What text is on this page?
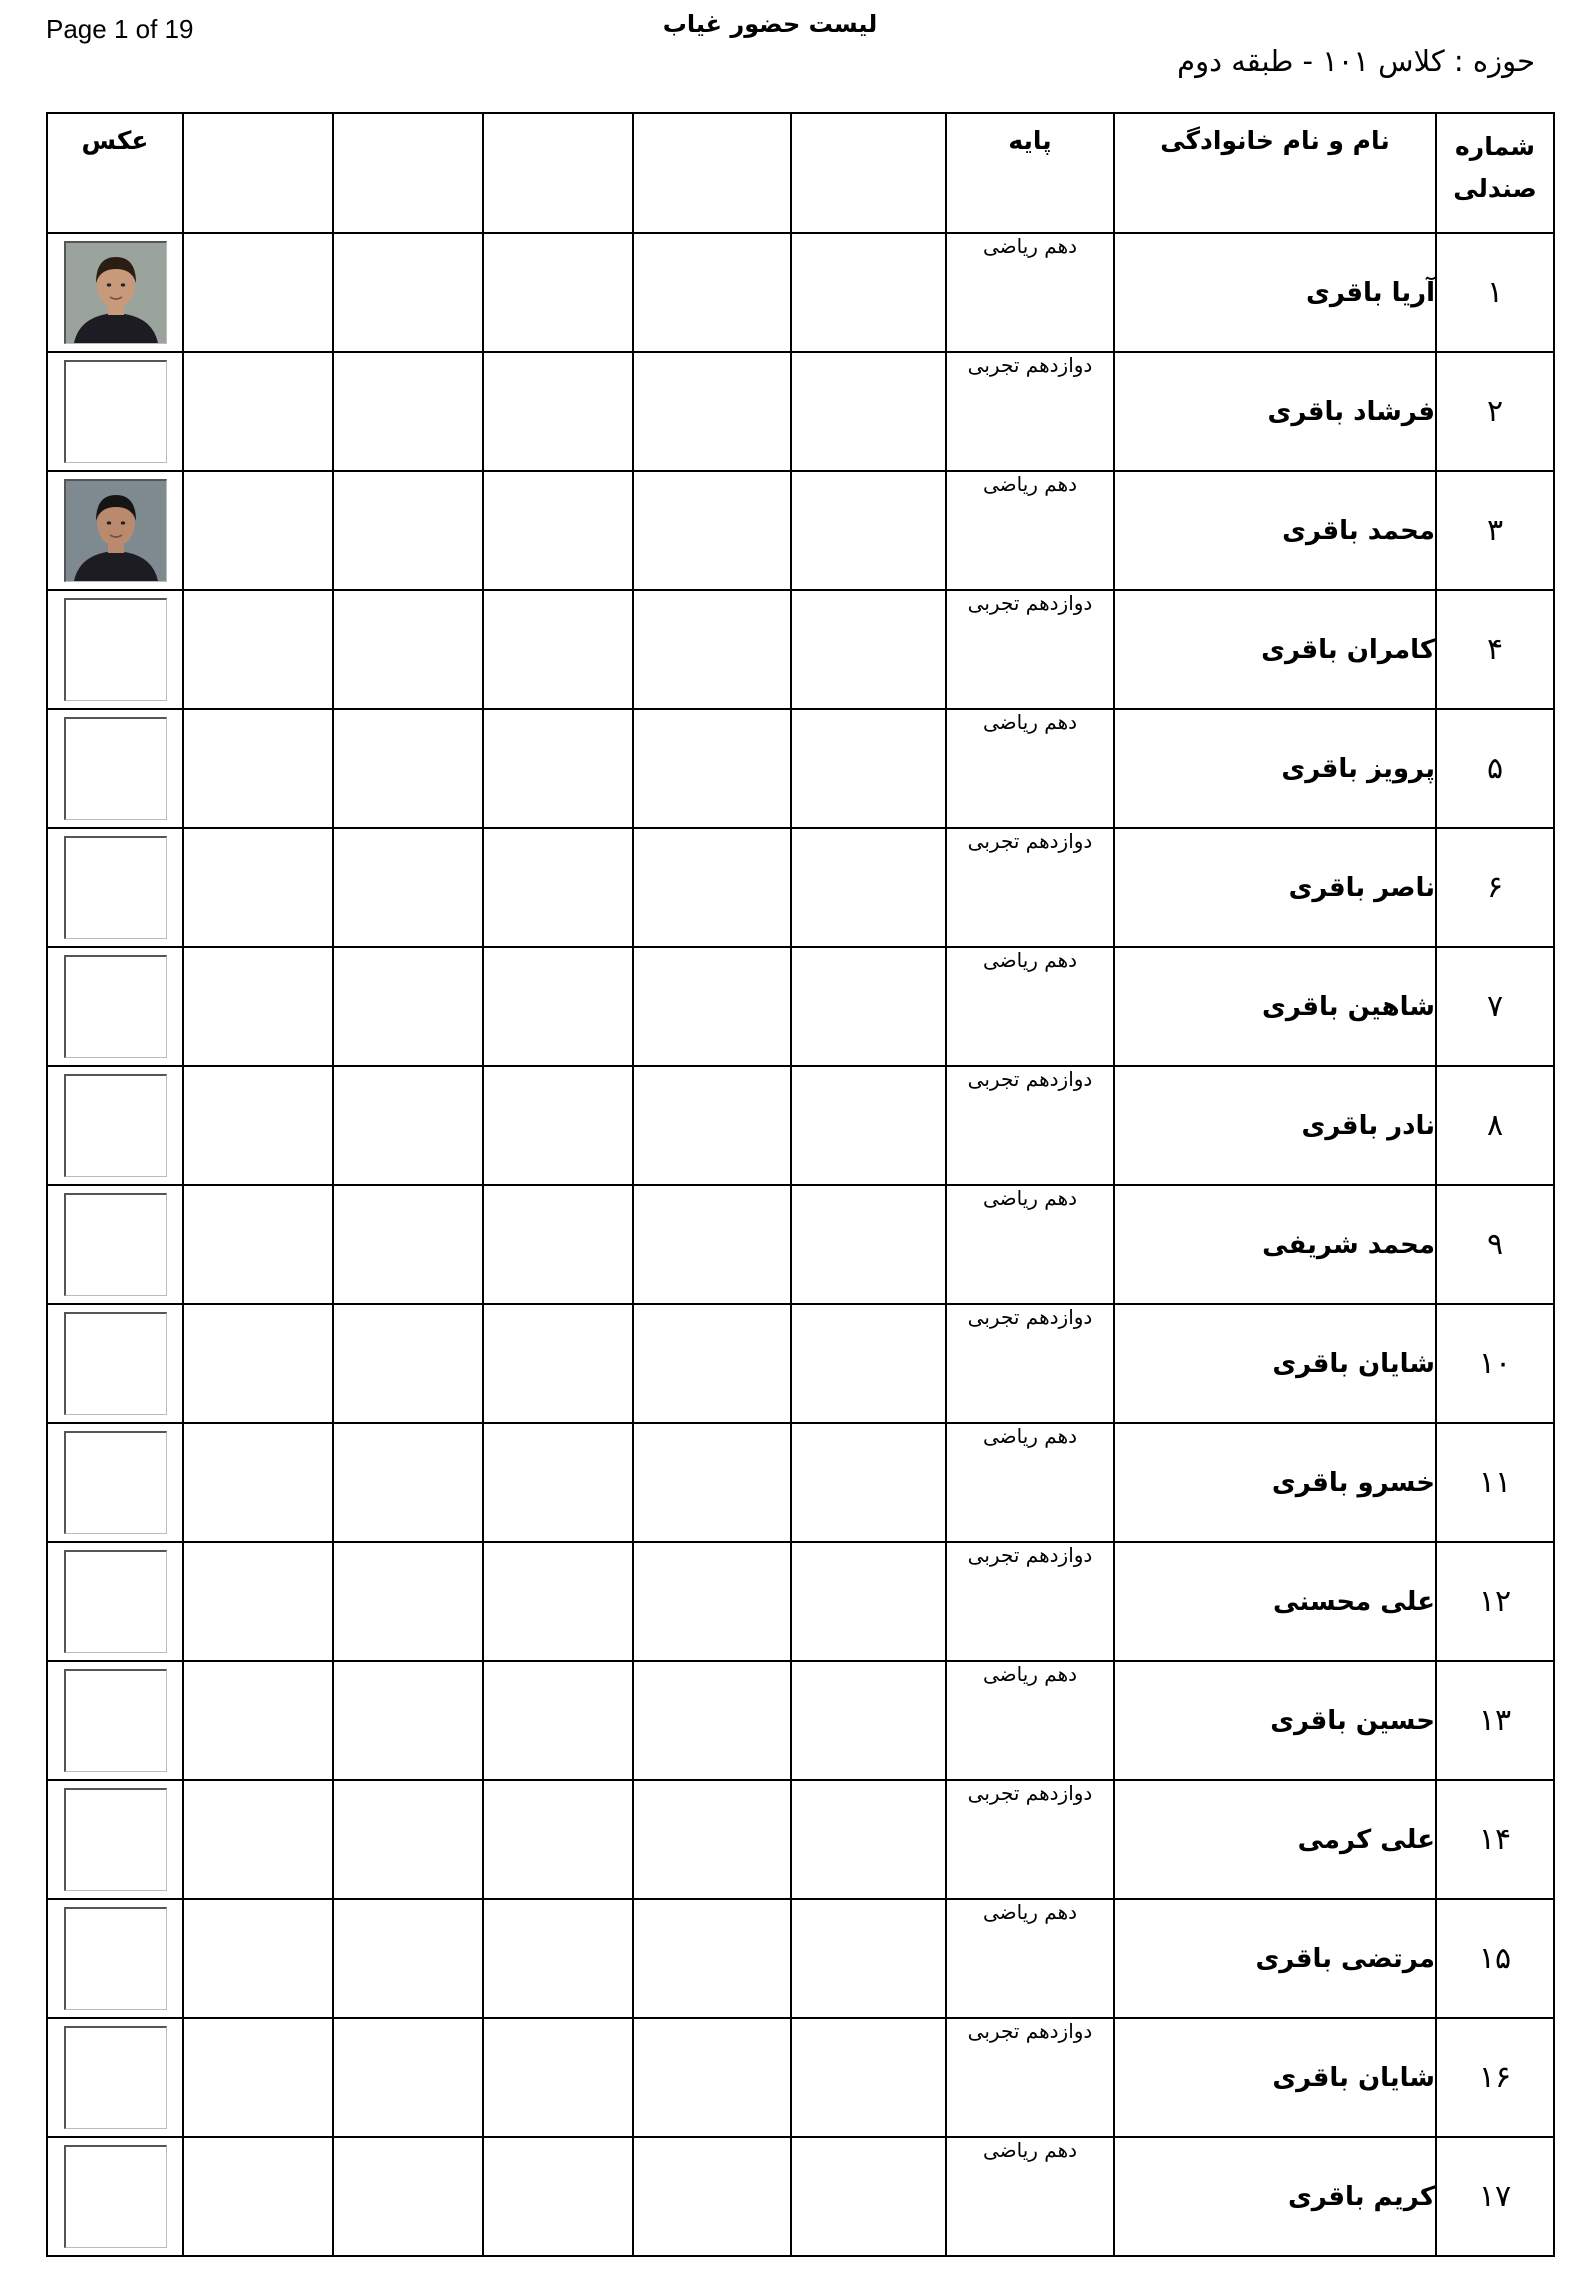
Page 1 of 19	لیست حضور غیاب
حوزه : کلاس ۱۰۱ - طبقه دوم
شماره
صندلی	نام و نام خانوادگی	پایه						عکس
۱	آریا باقری	دهم ریاضی						

۲	فرشاد باقری	دوازدهم تجربی						

۳	محمد باقری	دهم ریاضی						

۴	کامران باقری	دوازدهم تجربی						

۵	پرویز باقری	دهم ریاضی						

۶	ناصر باقری	دوازدهم تجربی						

۷	شاهین باقری	دهم ریاضی						

۸	نادر باقری	دوازدهم تجربی						

۹	محمد شریفی	دهم ریاضی						

۱۰	شایان باقری	دوازدهم تجربی						

۱۱	خسرو باقری	دهم ریاضی						

۱۲	علی محسنی	دوازدهم تجربی						

۱۳	حسین باقری	دهم ریاضی						

۱۴	علی کرمی	دوازدهم تجربی						

۱۵	مرتضی باقری	دهم ریاضی						

۱۶	شایان باقری	دوازدهم تجربی						

۱۷	کریم باقری	دهم ریاضی						
